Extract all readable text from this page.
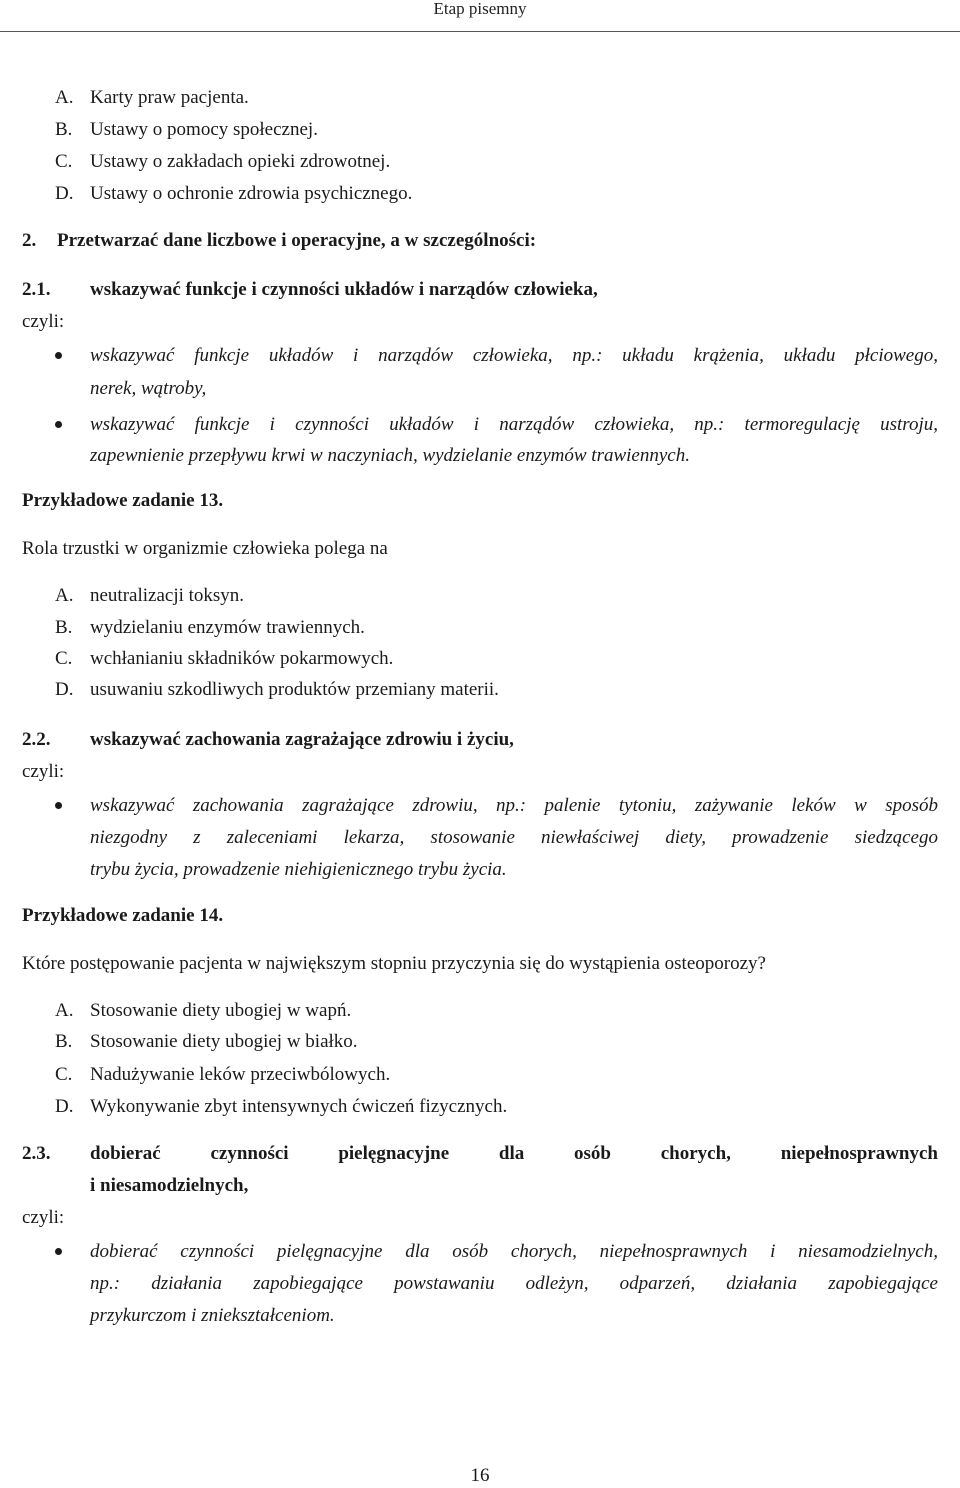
Etap pisemny
A. Karty praw pacjenta.
B. Ustawy o pomocy społecznej.
C. Ustawy o zakładach opieki zdrowotnej.
D. Ustawy o ochronie zdrowia psychicznego.
2. Przetwarzać dane liczbowe i operacyjne, a w szczególności:
2.1. wskazywać funkcje i czynności układów i narządów człowieka,
czyli:
wskazywać funkcje układów i narządów człowieka, np.: układu krążenia, układu płciowego,
nerek, wątroby,
wskazywać funkcje i czynności układów i narządów człowieka, np.: termoregulację ustroju,
zapewnienie przepływu krwi w naczyniach, wydzielanie enzymów trawiennych.
Przykładowe zadanie 13.
Rola trzustki w organizmie człowieka polega na
A. neutralizacji toksyn.
B. wydzielaniu enzymów trawiennych.
C. wchłanianiu składników pokarmowych.
D. usuwaniu szkodliwych produktów przemiany materii.
2.2. wskazywać zachowania zagrażające zdrowiu i życiu,
czyli:
wskazywać zachowania zagrażające zdrowiu, np.: palenie tytoniu, zażywanie leków w sposób
niezgodny z zaleceniami lekarza, stosowanie niewłaściwej diety, prowadzenie siedzącego
trybu życia, prowadzenie niehigienicznego trybu życia.
Przykładowe zadanie 14.
Które postępowanie pacjenta w największym stopniu przyczynia się do wystąpienia osteoporozy?
A. Stosowanie diety ubogiej w wapń.
B. Stosowanie diety ubogiej w białko.
C. Nadużywanie leków przeciwbólowych.
D. Wykonywanie zbyt intensywnych ćwiczeń fizycznych.
2.3. dobierać czynności pielęgnacyjne dla osób chorych, niepełnosprawnych
i niesamodzielnych,
czyli:
dobierać czynności pielęgnacyjne dla osób chorych, niepełnosprawnych i niesamodzielnych,
np.: działania zapobiegające powstawaniu odleżyn, odparzeń, działania zapobiegające
przykurczom i zniekształceniom.
16
